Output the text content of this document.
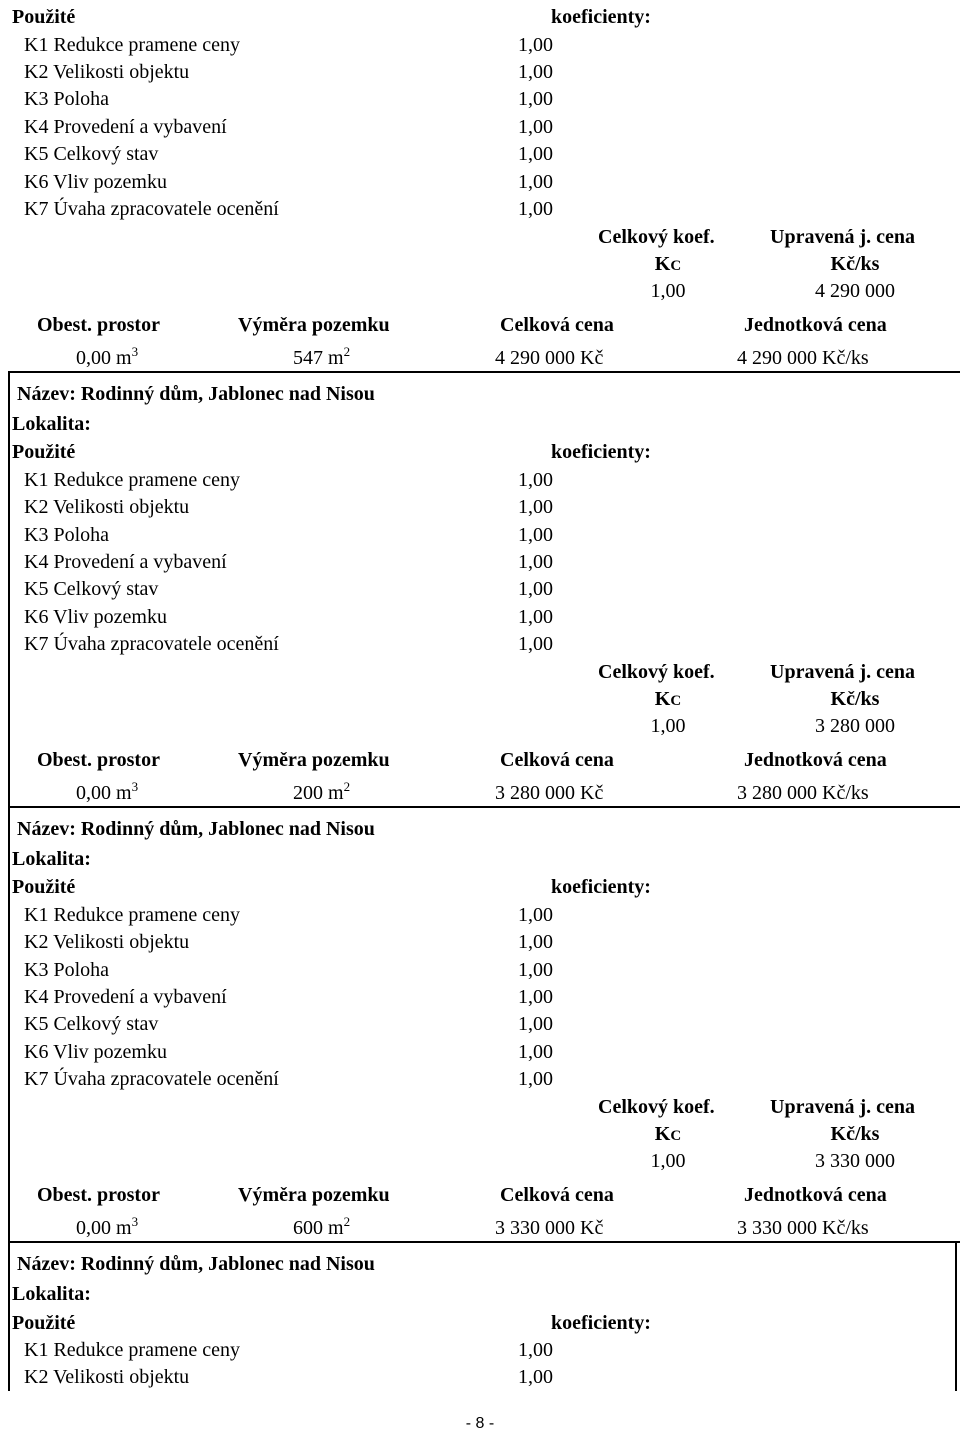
Použité	koeficienty:
K1 Redukce pramene ceny	1,00
K2 Velikosti objektu	1,00
K3 Poloha	1,00
K4 Provedení a vybavení	1,00
K5 Celkový stav	1,00
K6 Vliv pozemku	1,00
K7 Úvaha zpracovatele ocenění	1,00
Celkový koef.	Upravená j. cena
KC	Kč/ks
1,00	4 290 000
Obest. prostor	Výměra pozemku	Celková cena	Jednotková cena
0,00 $m^3$	547 $m^2$	4 290 000 Kč	4 290 000 Kč/ks
Název: Rodinný dům, Jablonec nad Nisou
Lokalita:
Použité	koeficienty:
K1 Redukce pramene ceny	1,00
K2 Velikosti objektu	1,00
K3 Poloha	1,00
K4 Provedení a vybavení	1,00
K5 Celkový stav	1,00
K6 Vliv pozemku	1,00
K7 Úvaha zpracovatele ocenění	1,00
Celkový koef.	Upravená j. cena
KC	Kč/ks
1,00	3 280 000
Obest. prostor	Výměra pozemku	Celková cena	Jednotková cena
0,00 $m^3$	200 $m^2$	3 280 000 Kč	3 280 000 Kč/ks
Název: Rodinný dům, Jablonec nad Nisou
Lokalita:
Použité	koeficienty:
K1 Redukce pramene ceny	1,00
K2 Velikosti objektu	1,00
K3 Poloha	1,00
K4 Provedení a vybavení	1,00
K5 Celkový stav	1,00
K6 Vliv pozemku	1,00
K7 Úvaha zpracovatele ocenění	1,00
Celkový koef.	Upravená j. cena
KC	Kč/ks
1,00	3 330 000
Obest. prostor	Výměra pozemku	Celková cena	Jednotková cena
0,00 $m^3$	600 $m^2$	3 330 000 Kč	3 330 000 Kč/ks
Název: Rodinný dům, Jablonec nad Nisou
Lokalita:
Použité	koeficienty:
K1 Redukce pramene ceny	1,00
K2 Velikosti objektu	1,00
- 8 -
